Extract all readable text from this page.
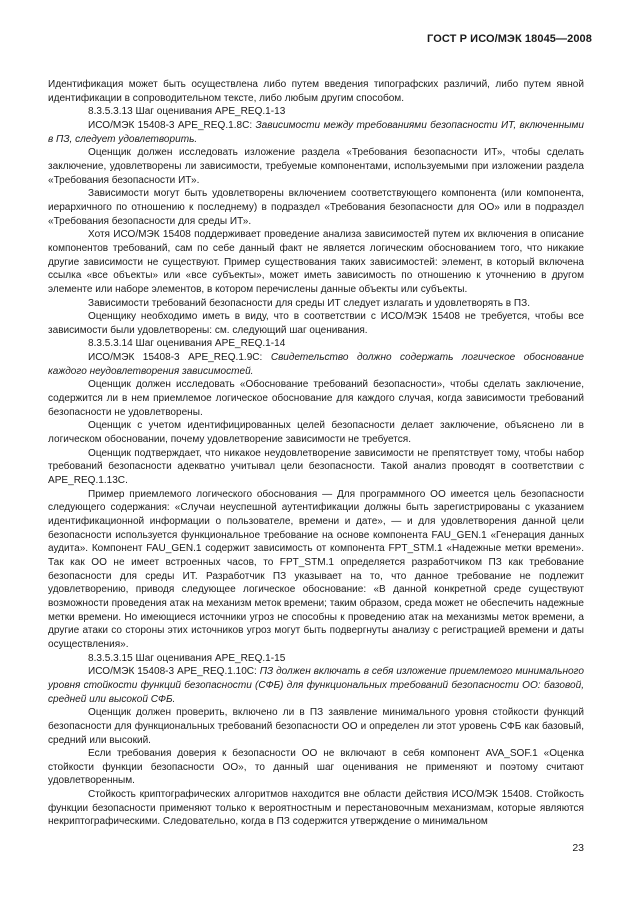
ГОСТ Р ИСО/МЭК 18045—2008

Идентификация может быть осуществлена либо путем введения типографских различий, либо путем явной идентификации в сопроводительном тексте, либо любым другим способом.

8.3.5.3.13 Шаг оценивания APE_REQ.1-13

ИСО/МЭК 15408-3 APE_REQ.1.8C: Зависимости между требованиями безопасности ИТ, включенными в ПЗ, следует удовлетворить.

Оценщик должен исследовать изложение раздела «Требования безопасности ИТ», чтобы сделать заключение, удовлетворены ли зависимости, требуемые компонентами, используемыми при изложении раздела «Требования безопасности ИТ».

Зависимости могут быть удовлетворены включением соответствующего компонента (или компонента, иерархичного по отношению к последнему) в подраздел «Требования безопасности для ОО» или в подраздел «Требования безопасности для среды ИТ».

Хотя ИСО/МЭК 15408 поддерживает проведение анализа зависимостей путем их включения в описание компонентов требований, сам по себе данный факт не является логическим обоснованием того, что никакие другие зависимости не существуют. Пример существования таких зависимостей: элемент, в который включена ссылка «все объекты» или «все субъекты», может иметь зависимость по отношению к уточнению в другом элементе или наборе элементов, в котором перечислены данные объекты или субъекты.

Зависимости требований безопасности для среды ИТ следует излагать и удовлетворять в ПЗ.

Оценщику необходимо иметь в виду, что в соответствии с ИСО/МЭК 15408 не требуется, чтобы все зависимости были удовлетворены: см. следующий шаг оценивания.

8.3.5.3.14 Шаг оценивания APE_REQ.1-14

ИСО/МЭК 15408-3 APE_REQ.1.9C: Свидетельство должно содержать логическое обоснование каждого неудовлетворения зависимостей.

Оценщик должен исследовать «Обоснование требований безопасности», чтобы сделать заключение, содержится ли в нем приемлемое логическое обоснование для каждого случая, когда зависимости требований безопасности не удовлетворены.

Оценщик с учетом идентифицированных целей безопасности делает заключение, объяснено ли в логическом обосновании, почему удовлетворение зависимости не требуется.

Оценщик подтверждает, что никакое неудовлетворение зависимости не препятствует тому, чтобы набор требований безопасности адекватно учитывал цели безопасности. Такой анализ проводят в соответствии с APE_REQ.1.13C.

Пример приемлемого логического обоснования — Для программного ОО имеется цель безопасности следующего содержания: «Случаи неуспешной аутентификации должны быть зарегистрированы с указанием идентификационной информации о пользователе, времени и дате», — и для удовлетворения данной цели безопасности используется функциональное требование на основе компонента FAU_GEN.1 «Генерация данных аудита». Компонент FAU_GEN.1 содержит зависимость от компонента FPT_STM.1 «Надежные метки времени». Так как ОО не имеет встроенных часов, то FPT_STM.1 определяется разработчиком ПЗ как требование безопасности для среды ИТ. Разработчик ПЗ указывает на то, что данное требование не подлежит удовлетворению, приводя следующее логическое обоснование: «В данной конкретной среде существуют возможности проведения атак на механизм меток времени; таким образом, среда может не обеспечить надежные метки времени. Но имеющиеся источники угроз не способны к проведению атак на механизмы меток времени, а другие атаки со стороны этих источников угроз могут быть подвергнуты анализу с регистрацией времени и даты осуществления».

8.3.5.3.15 Шаг оценивания APE_REQ.1-15

ИСО/МЭК 15408-3 APE_REQ.1.10C: ПЗ должен включать в себя изложение приемлемого минимального уровня стойкости функций безопасности (СФБ) для функциональных требований безопасности ОО: базовой, средней или высокой СФБ.

Оценщик должен проверить, включено ли в ПЗ заявление минимального уровня стойкости функций безопасности для функциональных требований безопасности ОО и определен ли этот уровень СФБ как базовый, средний или высокий.

Если требования доверия к безопасности ОО не включают в себя компонент AVA_SOF.1 «Оценка стойкости функции безопасности ОО», то данный шаг оценивания не применяют и поэтому считают удовлетворенным.

Стойкость криптографических алгоритмов находится вне области действия ИСО/МЭК 15408. Стойкость функции безопасности применяют только к вероятностным и перестановочным механизмам, которые являются некриптографическими. Следовательно, когда в ПЗ содержится утверждение о минимальном

23
